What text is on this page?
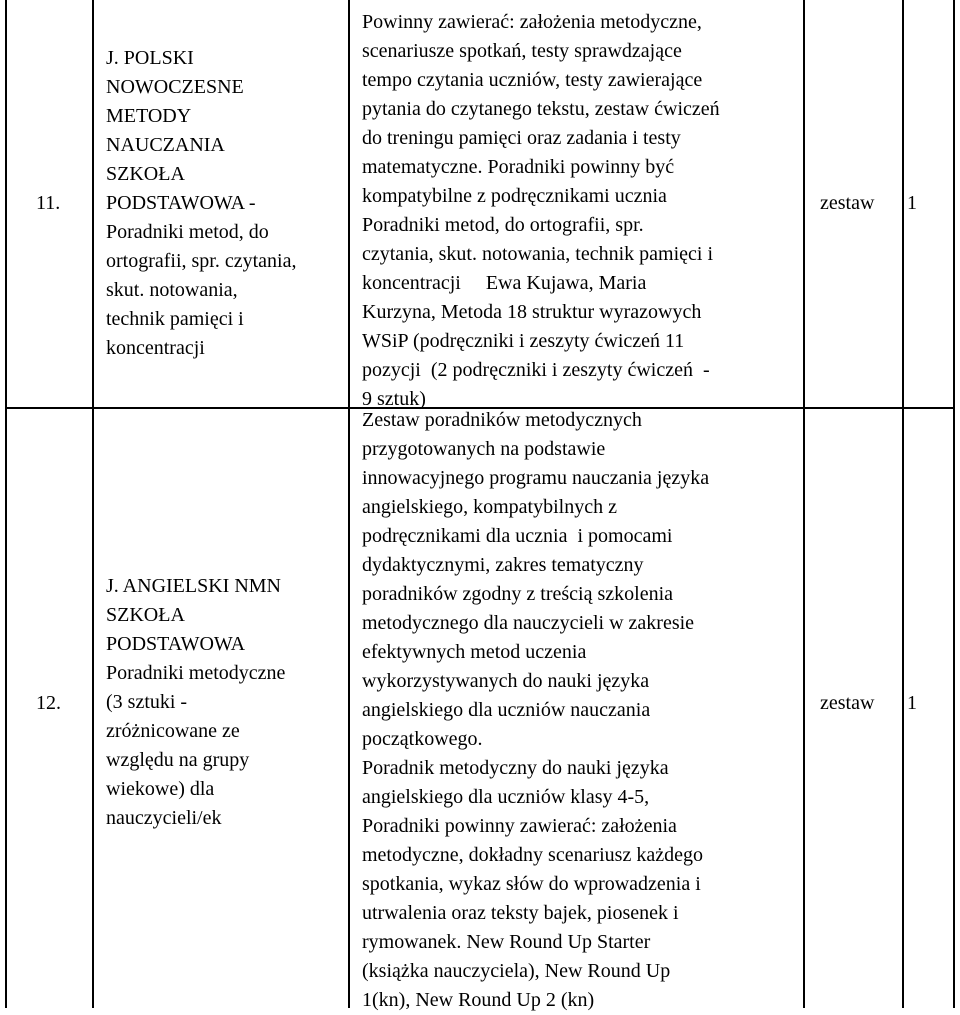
11.
J. POLSKI
NOWOCZESNE
METODY
NAUCZANIA
SZKOŁA
PODSTAWOWA -
Poradniki metod, do
ortografii, spr. czytania,
skut. notowania,
technik pamięci i
koncentracji
Powinny zawierać: założenia metodyczne,
scenariusze spotkań, testy sprawdzające
tempo czytania uczniów, testy zawierające
pytania do czytanego tekstu, zestaw ćwiczeń
do treningu pamięci oraz zadania i testy
matematyczne. Poradniki powinny być
kompatybilne z podręcznikami ucznia
Poradniki metod, do ortografii, spr.
czytania, skut. notowania, technik pamięci i
koncentracji     Ewa Kujawa, Maria
Kurzyna, Metoda 18 struktur wyrazowych
WSiP (podręczniki i zeszyty ćwiczeń 11
pozycji  (2 podręczniki i zeszyty ćwiczeń  -
9 sztuk)
zestaw 1
12.
J. ANGIELSKI NMN
SZKOŁA
PODSTAWOWA
Poradniki metodyczne
(3 sztuki -
zróżnicowane ze
względu na grupy
wiekowe) dla
nauczycieli/ek
Zestaw poradników metodycznych
przygotowanych na podstawie
innowacyjnego programu nauczania języka
angielskiego, kompatybilnych z
podręcznikami dla ucznia  i pomocami
dydaktycznymi, zakres tematyczny
poradników zgodny z treścią szkolenia
metodycznego dla nauczycieli w zakresie
efektywnych metod uczenia
wykorzystywanych do nauki języka
angielskiego dla uczniów nauczania
początkowego.
Poradnik metodyczny do nauki języka
angielskiego dla uczniów klasy 4-5,
Poradniki powinny zawierać: założenia
metodyczne, dokładny scenariusz każdego
spotkania, wykaz słów do wprowadzenia i
utrwalenia oraz teksty bajek, piosenek i
rymowanek. New Round Up Starter
(książka nauczyciela), New Round Up
1(kn), New Round Up 2 (kn)
zestaw 1
